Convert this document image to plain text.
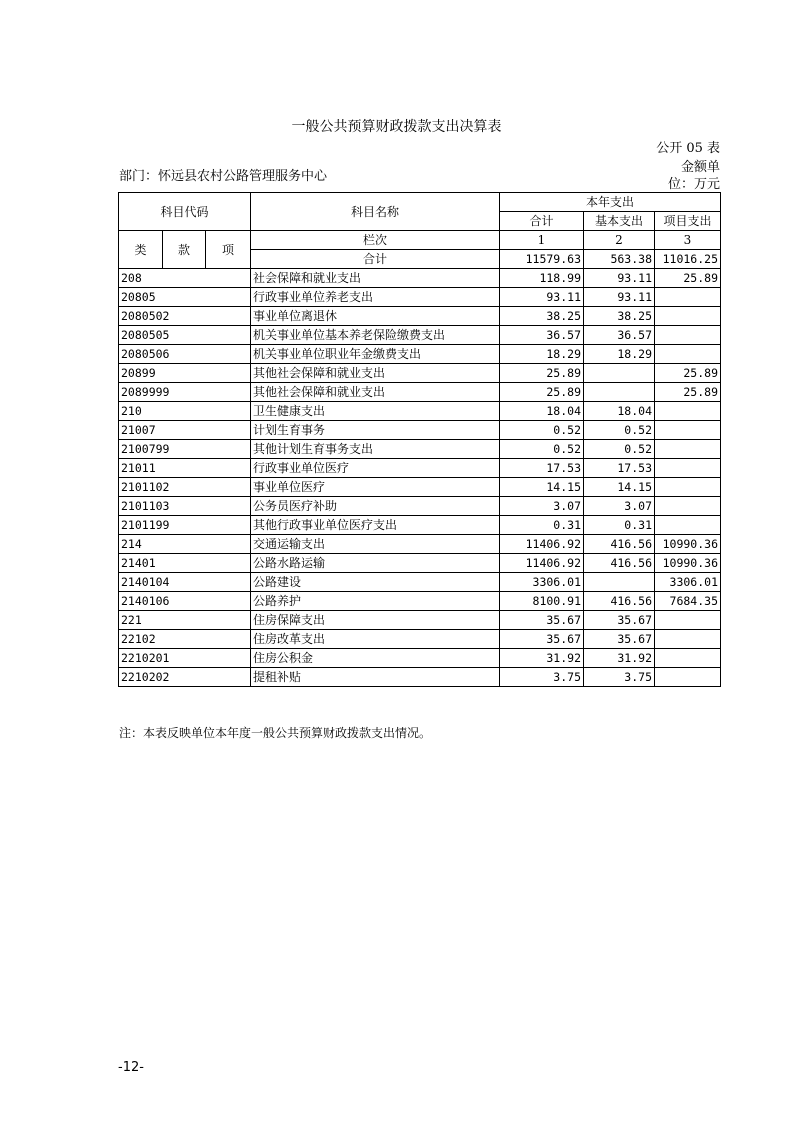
一般公共预算财政拨款支出决算表
公开 05 表
金额单
部门：怀远县农村公路管理服务中心
位：万元
科目代码			科目名称	本年支出		
				合计	基本支出	项目支出
类	款	项	栏次	1	2	3
			合计	11579.63	563.38	11016.25
208			社会保障和就业支出	118.99	93.11	25.89
20805			行政事业单位养老支出	93.11	93.11	
2080502			事业单位离退休	38.25	38.25	
2080505			机关事业单位基本养老保险缴费支出	36.57	36.57	
2080506			机关事业单位职业年金缴费支出	18.29	18.29	
20899			其他社会保障和就业支出	25.89		25.89
2089999			其他社会保障和就业支出	25.89		25.89
210			卫生健康支出	18.04	18.04	
21007			计划生育事务	0.52	0.52	
2100799			其他计划生育事务支出	0.52	0.52	
21011			行政事业单位医疗	17.53	17.53	
2101102			事业单位医疗	14.15	14.15	
2101103			公务员医疗补助	3.07	3.07	
2101199			其他行政事业单位医疗支出	0.31	0.31	
214			交通运输支出	11406.92	416.56	10990.36
21401			公路水路运输	11406.92	416.56	10990.36
2140104			公路建设	3306.01		3306.01
2140106			公路养护	8100.91	416.56	7684.35
221			住房保障支出	35.67	35.67	
22102			住房改革支出	35.67	35.67	
2210201			住房公积金	31.92	31.92	
2210202			提租补贴	3.75	3.75	
注：本表反映单位本年度一般公共预算财政拨款支出情况。
-12-
